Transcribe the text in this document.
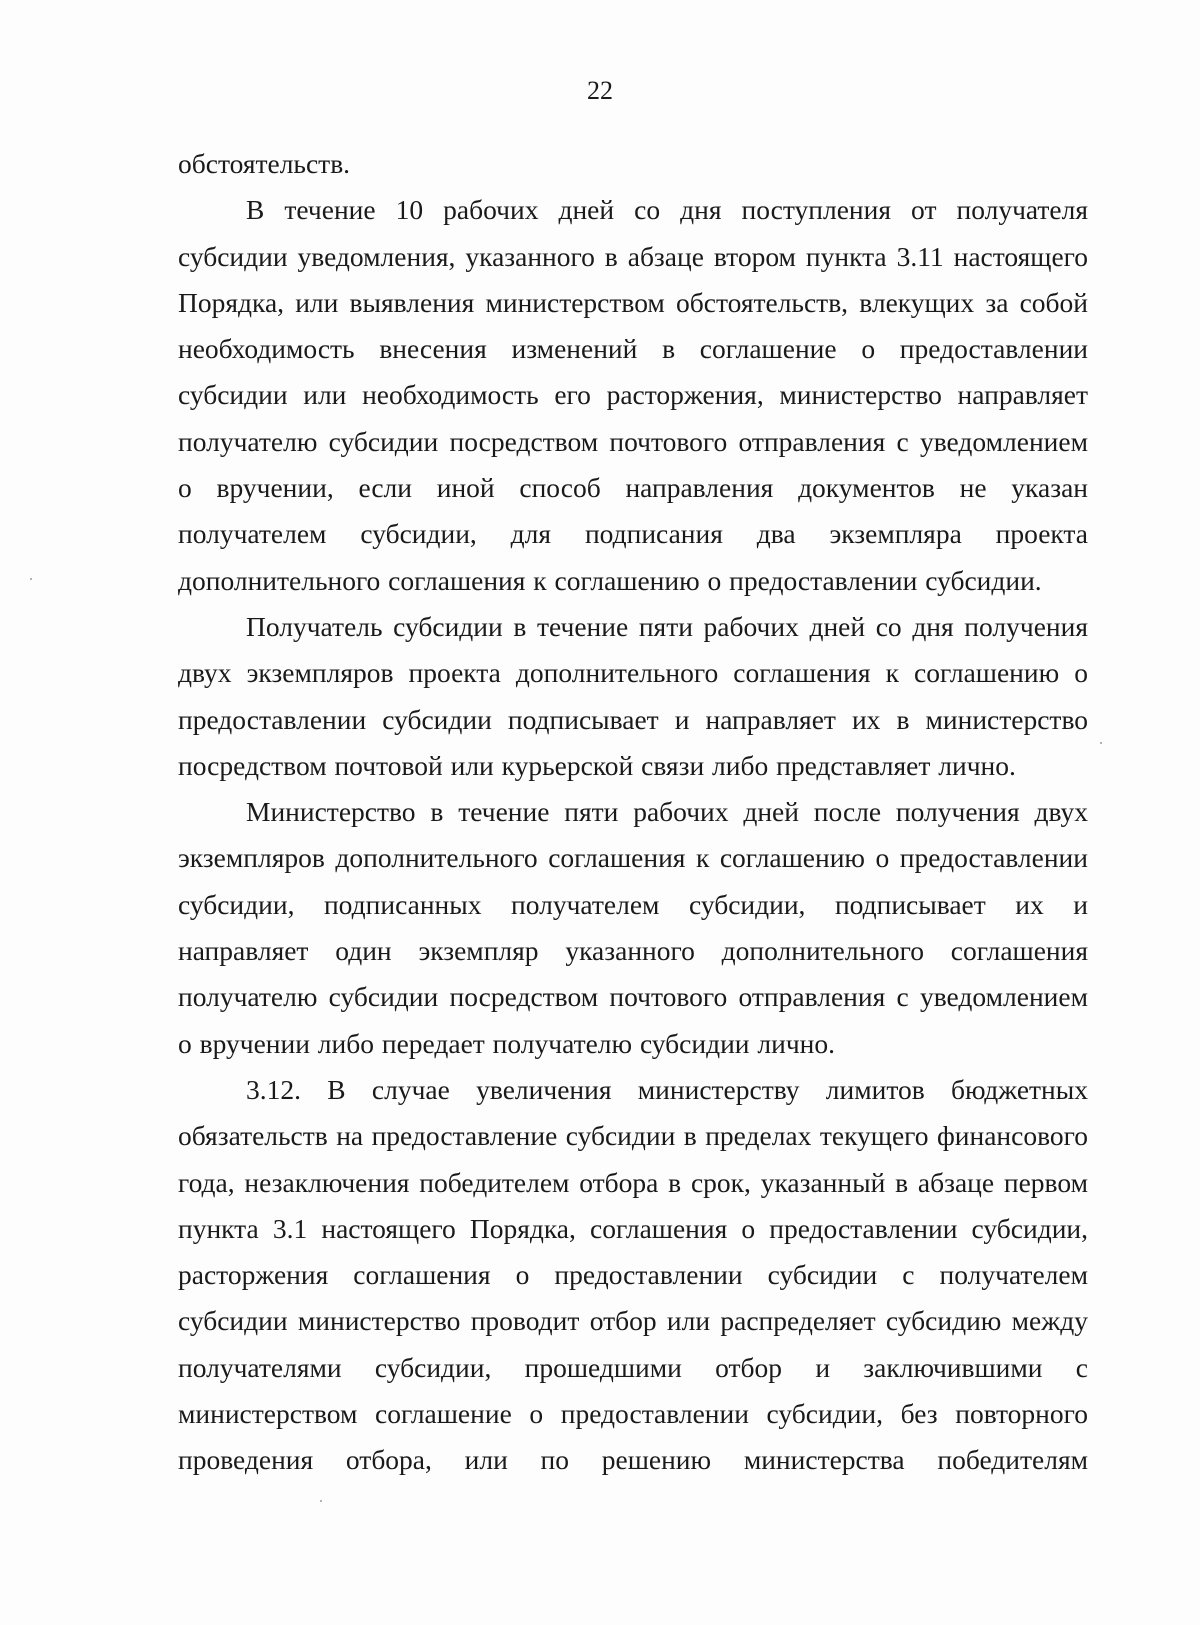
22

обстоятельств.

В течение 10 рабочих дней со дня поступления от получателя субсидии уведомления, указанного в абзаце втором пункта 3.11 настоящего Порядка, или выявления министерством обстоятельств, влекущих за собой необходимость внесения изменений в соглашение о предоставлении субсидии или необходимость его расторжения, министерство направляет получателю субсидии посредством почтового отправления с уведомлением о вручении, если иной способ направления документов не указан получателем субсидии, для подписания два экземпляра проекта дополнительного соглашения к соглашению о предоставлении субсидии.

Получатель субсидии в течение пяти рабочих дней со дня получения двух экземпляров проекта дополнительного соглашения к соглашению о предоставлении субсидии подписывает и направляет их в министерство посредством почтовой или курьерской связи либо представляет лично.

Министерство в течение пяти рабочих дней после получения двух экземпляров дополнительного соглашения к соглашению о предоставлении субсидии, подписанных получателем субсидии, подписывает их и направляет один экземпляр указанного дополнительного соглашения получателю субсидии посредством почтового отправления с уведомлением о вручении либо передает получателю субсидии лично.

3.12. В случае увеличения министерству лимитов бюджетных обязательств на предоставление субсидии в пределах текущего финансового года, незаключения победителем отбора в срок, указанный в абзаце первом пункта 3.1 настоящего Порядка, соглашения о предоставлении субсидии, расторжения соглашения о предоставлении субсидии с получателем субсидии министерство проводит отбор или распределяет субсидию между получателями субсидии, прошедшими отбор и заключившими с министерством соглашение о предоставлении субсидии, без повторного проведения отбора, или по решению министерства победителям
